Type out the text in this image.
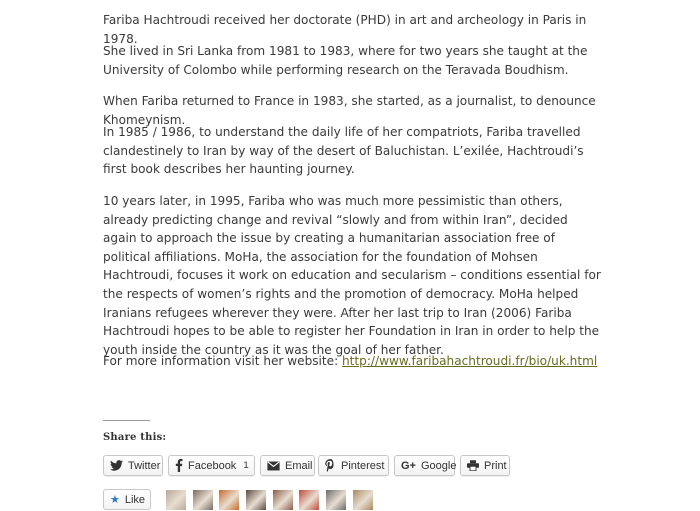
Fariba Hachtroudi received her doctorate (PHD) in art and archeology in Paris in 1978.

She lived in Sri Lanka from 1981 to 1983, where for two years she taught at the University of Colombo while performing research on the Teravada Boudhism.

When Fariba returned to France in 1983, she started, as a journalist, to denounce Khomeynism.

In 1985 / 1986, to understand the daily life of her compatriots, Fariba travelled clandestinely to Iran by way of the desert of Baluchistan. L’exilée, Hachtroudi’s first book describes her haunting journey.

10 years later, in 1995, Fariba who was much more pessimistic than others, already predicting change and revival “slowly and from within Iran”, decided again to approach the issue by creating a humanitarian association free of political affiliations. MoHa, the association for the foundation of Mohsen Hachtroudi, focuses it work on education and secularism – conditions essential for the respects of women’s rights and the promotion of democracy. MoHa helped Iranians refugees wherever they were. After her last trip to Iran (2006) Fariba Hachtroudi hopes to be able to register her Foundation in Iran in order to help the youth inside the country as it was the goal of her father.

For more information visit her website: http://www.faribahachtroudi.fr/bio/uk.html

Share this:
Twitter	Facebook 1	Email	Pinterest G+ Google	Print
★ Like
